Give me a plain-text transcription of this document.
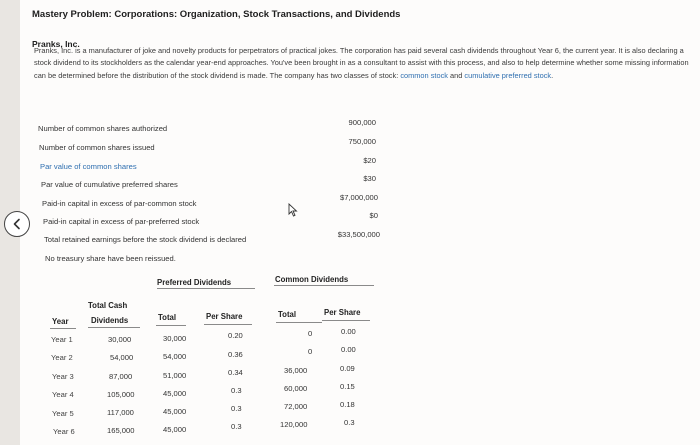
Mastery Problem: Corporations: Organization, Stock Transactions, and Dividends
Pranks, Inc.
Pranks, Inc. is a manufacturer of joke and novelty products for perpetrators of practical jokes. The corporation has paid several cash dividends throughout Year 6, the current year. It is also declaring a stock dividend to its stockholders as the calendar year-end approaches. You've been brought in as a consultant to assist with this process, and also to help determine whether some missing information can be determined before the distribution of the stock dividend is made. The company has two classes of stock: common stock and cumulative preferred stock.
Number of common shares authorized
900,000
Number of common shares issued
750,000
Par value of common shares
$20
Par value of cumulative preferred shares
$30
Paid-in capital in excess of par-common stock
$7,000,000
Paid-in capital in excess of par-preferred stock
$0
Total retained earnings before the stock dividend is declared
$33,500,000
No treasury share have been reissued.
Preferred Dividends	Common Dividends
Total Cash
Year	Dividends	Total	Per Share	Total	Per Share
Year 1	30,000	30,000	0.20	0	0.00
Year 2	54,000	54,000	0.36	0	0.00
Year 3	87,000	51,000	0.34	36,000	0.09
Year 4	105,000	45,000	0.3	60,000	0.15
Year 5	117,000	45,000	0.3	72,000	0.18
Year 6	165,000	45,000	0.3	120,000	0.3
